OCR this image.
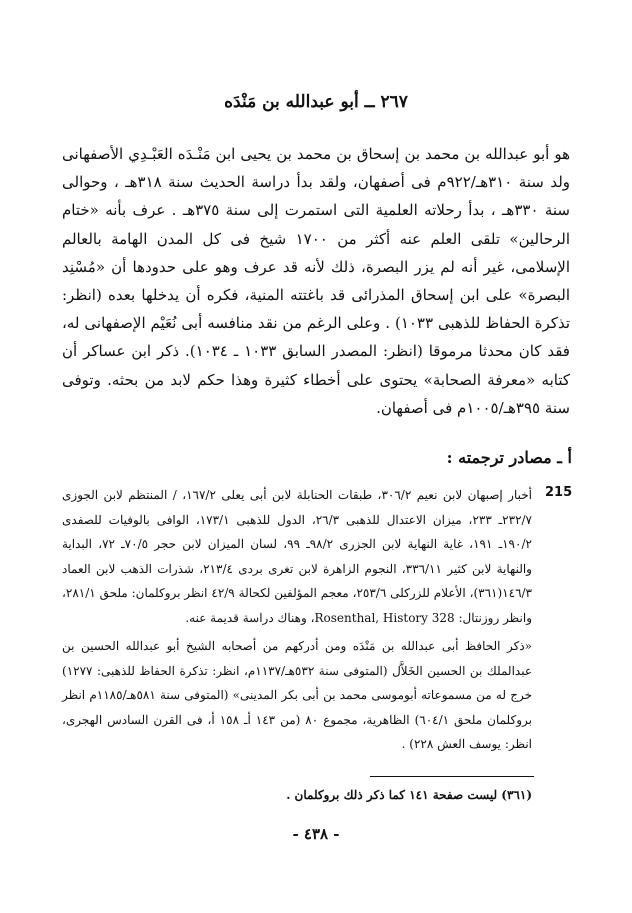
٢٦٧ ــ أبو عبدالله بن مَنْدَه
هو أبو عبدالله بن محمد بن إسحاق بن محمد بن يحيى ابن مَنْـدَه العَبْـدِي الأصفهانى ولد سنة ٣١٠هـ/٩٢٢م فى أصفهان، ولقد بدأ دراسة الحديث سنة ٣١٨هـ ، وحوالى سنة ٣٣٠هـ ، بدأ رحلاته العلمية التى استمرت إلى سنة ٣٧٥هـ . عرف بأنه «ختام الرحالين» تلقى العلم عنه أكثر من ١٧٠٠ شيخ فى كل المدن الهامة بالعالم الإسلامى، غير أنه لم يزر البصرة، ذلك لأنه قد عرف وهو على حدودها أن «مُسْنِد البصرة» على ابن إسحاق المذرائى قد باغتته المنية، فكره أن يدخلها بعده (انظر: تذكرة الحفاظ للذهبى ١٠٣٣) . وعلى الرغم من نقد منافسه أبى نُعَيْم الإصفهانى له، فقد كان محدثا مرموقا (انظر: المصدر السابق ١٠٣٣ ـ ١٠٣٤). ذكر ابن عساكر أن كتابه «معرفة الصحابة» يحتوى على أخطاء كثيرة وهذا حكم لابد من بحثه. وتوفى سنة ٣٩٥هـ/١٠٠٥م فى أصفهان.
أ ـ مصادر ترجمته :
215

أخبار إصبهان لابن نعيم ٣٠٦/٢، طبقات الحنابلة لابن أبى يعلى ١٦٧/٢، / المنتظم لابن الجوزى ٢٣٢/٧ـ ٢٣٣، ميزان الاعتدال للذهبى ٢٦/٣، الدول للذهبى ١٧٣/١، الوافى بالوفيات للصفدى ١٩٠/٢ـ ١٩١، غاية النهاية لابن الجزرى ٩٨/٢ـ ٩٩، لسان الميزان لابن حجر ٧٠/٥ـ ٧٢، البداية والنهاية لابن كثير ٣٣٦/١١، النجوم الزاهرة لابن تغرى بردى ٢١٣/٤، شذرات الذهب لابن العماد ١٤٦/٣(٣٦١)، الأعلام للزركلى ٢٥٣/٦، معجم المؤلفين لكحالة ٤٢/٩ انظر بروكلمان: ملحق ٢٨١/١، وانظر روزنتال: Rosenthal, History 328، وهناك دراسة قديمة عنه.

«ذكر الحافظ أبى عبدالله بن مَنْدَه ومن أدركهم من أصحابه الشيخ أبو عبدالله الحسين بن عبدالملك بن الحسين الخَلاَّل (المتوفى سنة ٥٣٢هـ/١١٣٧م، انظر: تذكرة الحفاظ للذهبى: ١٢٧٧) خرج له من مسموعاته أبوموسى محمد بن أبى بكر المدينى» (المتوفى سنة ٥٨١هـ/١١٨٥م انظر بروكلمان ملحق ٦٠٤/١) الظاهرية، مجموع ٨٠ (من ١٤٣ أـ ١٥٨ أ، فى القرن السادس الهجرى، انظر: يوسف العش ٢٢٨) .

(٣٦١) ليست صفحة ١٤١ كما ذكر ذلك بروكلمان .
- ٤٣٨ -
